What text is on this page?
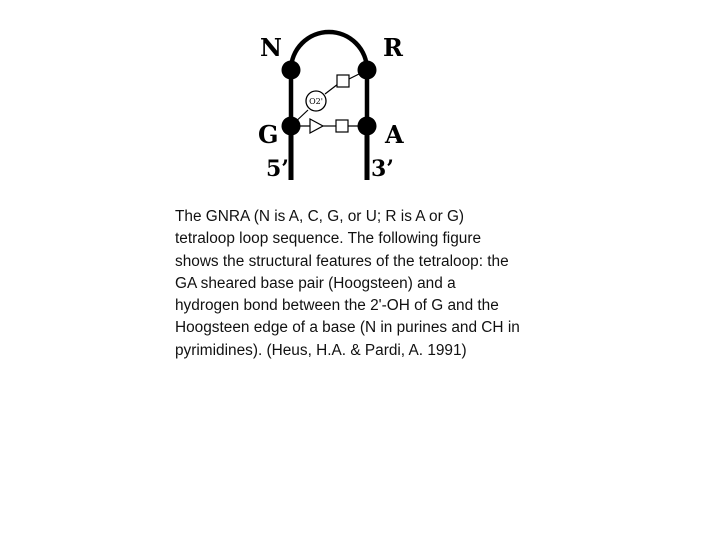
O2'
N	R
G	A
5’	3’

The GNRA (N is A, C, G, or U; R is A or G) tetraloop loop sequence. The following figure shows the structural features of the tetraloop: the GA sheared base pair (Hoogsteen) and a hydrogen bond between the 2'-OH of G and the Hoogsteen edge of a base (N in purines and CH in pyrimidines). (Heus, H.A. & Pardi, A. 1991)
